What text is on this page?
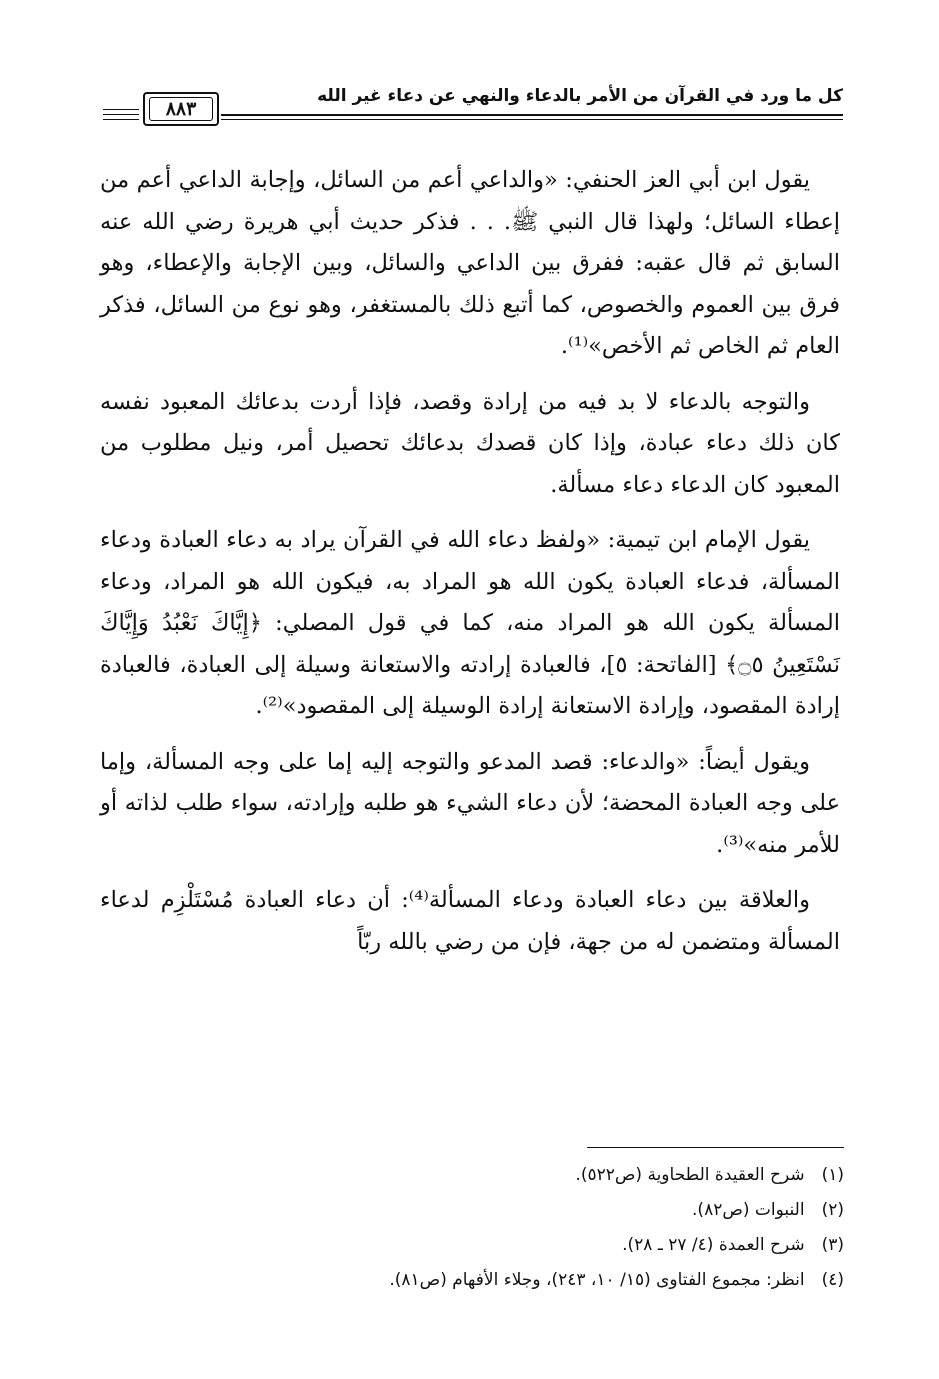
كل ما ورد في القرآن من الأمر بالدعاء والنهي عن دعاء غير الله
٨٨٣

يقول ابن أبي العز الحنفي: «والداعي أعم من السائل، وإجابة الداعي أعم من إعطاء السائل؛ ولهذا قال النبي ﷺ. . . فذكر حديث أبي هريرة رضي الله عنه السابق ثم قال عقبه: ففرق بين الداعي والسائل، وبين الإجابة والإعطاء، وهو فرق بين العموم والخصوص، كما أتبع ذلك بالمستغفر، وهو نوع من السائل، فذكر العام ثم الخاص ثم الأخص»⁽¹⁾.

والتوجه بالدعاء لا بد فيه من إرادة وقصد، فإذا أردت بدعائك المعبود نفسه كان ذلك دعاء عبادة، وإذا كان قصدك بدعائك تحصيل أمر، ونيل مطلوب من المعبود كان الدعاء دعاء مسألة.

يقول الإمام ابن تيمية: «ولفظ دعاء الله في القرآن يراد به دعاء العبادة ودعاء المسألة، فدعاء العبادة يكون الله هو المراد به، فيكون الله هو المراد، ودعاء المسألة يكون الله هو المراد منه، كما في قول المصلي: ﴿إِيَّاكَ نَعْبُدُ وَإِيَّاكَ نَسْتَعِينُ ۝٥﴾ [الفاتحة: ٥]، فالعبادة إرادته والاستعانة وسيلة إلى العبادة، فالعبادة إرادة المقصود، وإرادة الاستعانة إرادة الوسيلة إلى المقصود»⁽²⁾.

ويقول أيضاً: «والدعاء: قصد المدعو والتوجه إليه إما على وجه المسألة، وإما على وجه العبادة المحضة؛ لأن دعاء الشيء هو طلبه وإرادته، سواء طلب لذاته أو للأمر منه»⁽³⁾.

والعلاقة بين دعاء العبادة ودعاء المسألة⁽⁴⁾: أن دعاء العبادة مُسْتَلْزِم لدعاء المسألة ومتضمن له من جهة، فإن من رضي بالله ربّاً

(١) شرح العقيدة الطحاوية (ص٥٢٢).
(٢) النبوات (ص٨٢).
(٣) شرح العمدة (٤/ ٢٧ ـ ٢٨).
(٤) انظر: مجموع الفتاوى (١٥/ ١٠، ٢٤٣)، وجلاء الأفهام (ص٨١).
